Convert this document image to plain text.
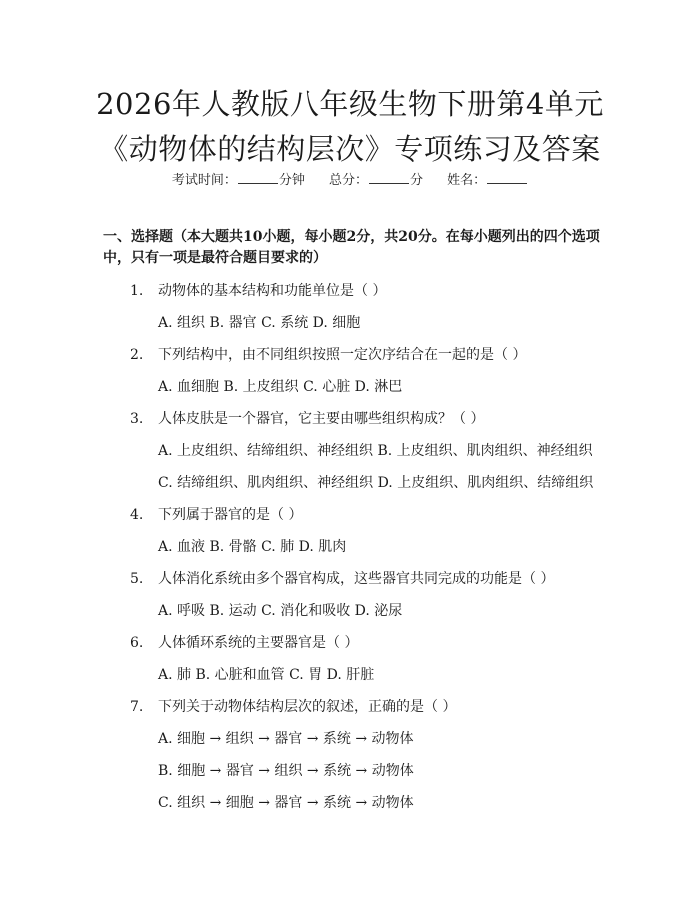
2026年人教版八年级生物下册第4单元《动物体的结构层次》专项练习及答案
考试时间：	分钟 总分：	分 姓名：
一、选择题（本大题共10小题，每小题2分，共20分。在每小题列出的四个选项中，只有一项是最符合题目要求的）
1. 动物体的基本结构和功能单位是（ ）
A. 组织 B. 器官 C. 系统 D. 细胞
2. 下列结构中，由不同组织按照一定次序结合在一起的是（ ）
A. 血细胞 B. 上皮组织 C. 心脏 D. 淋巴
3. 人体皮肤是一个器官，它主要由哪些组织构成？（ ）
A. 上皮组织、结缔组织、神经组织 B. 上皮组织、肌肉组织、神经组织
C. 结缔组织、肌肉组织、神经组织 D. 上皮组织、肌肉组织、结缔组织
4. 下列属于器官的是（ ）
A. 血液 B. 骨骼 C. 肺 D. 肌肉
5. 人体消化系统由多个器官构成，这些器官共同完成的功能是（ ）
A. 呼吸 B. 运动 C. 消化和吸收 D. 泌尿
6. 人体循环系统的主要器官是（ ）
A. 肺 B. 心脏和血管 C. 胃 D. 肝脏
7. 下列关于动物体结构层次的叙述，正确的是（ ）
A. 细胞 → 组织 → 器官 → 系统 → 动物体
B. 细胞 → 器官 → 组织 → 系统 → 动物体
C. 组织 → 细胞 → 器官 → 系统 → 动物体
